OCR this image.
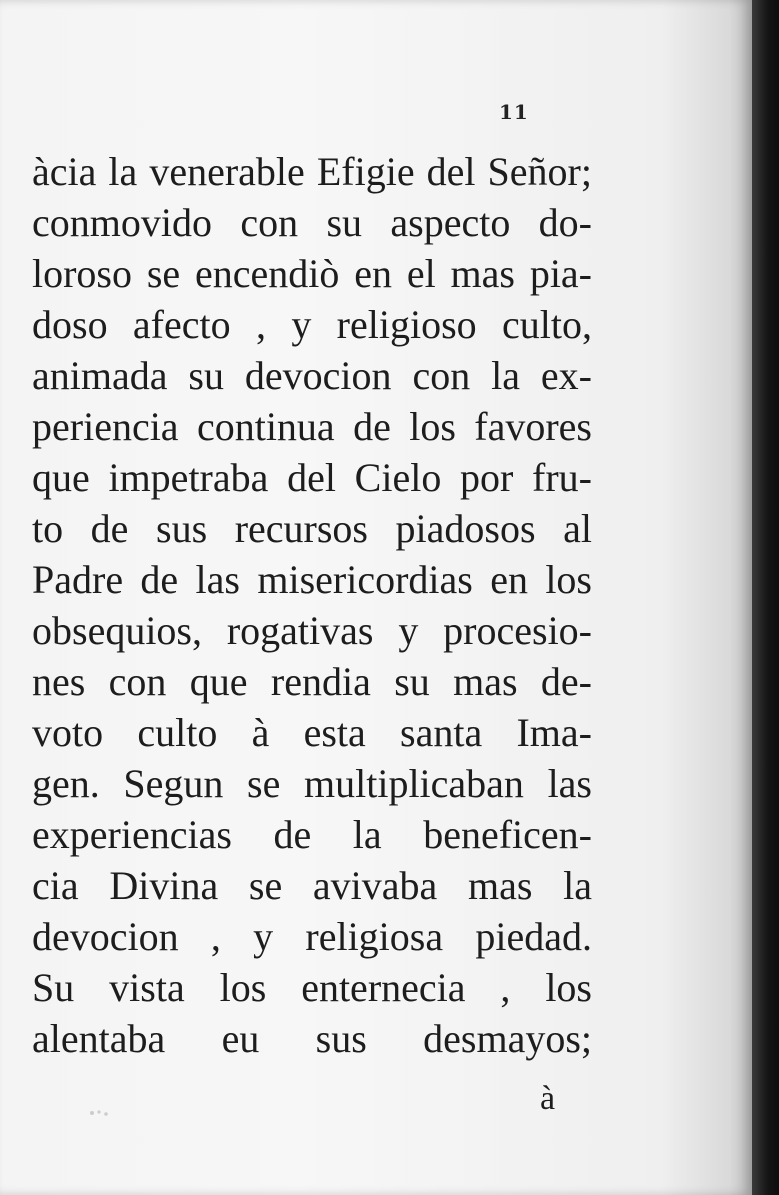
11
àcia la venerable Efigie del Señor;
conmovido con su aspecto do-
loroso se encendiò en el mas pia-
doso afecto , y religioso culto,
animada su devocion con la ex-
periencia continua de los favores
que impetraba del Cielo por fru-
to de sus recursos piadosos al
Padre de las misericordias en los
obsequios, rogativas y procesio-
nes con que rendia su mas de-
voto culto à esta santa Ima-
gen. Segun se multiplicaban las
experiencias de la beneficen-
cia Divina se avivaba mas la
devocion , y religiosa piedad.
Su vista los enternecia , los
alentaba eu sus desmayos;
à
